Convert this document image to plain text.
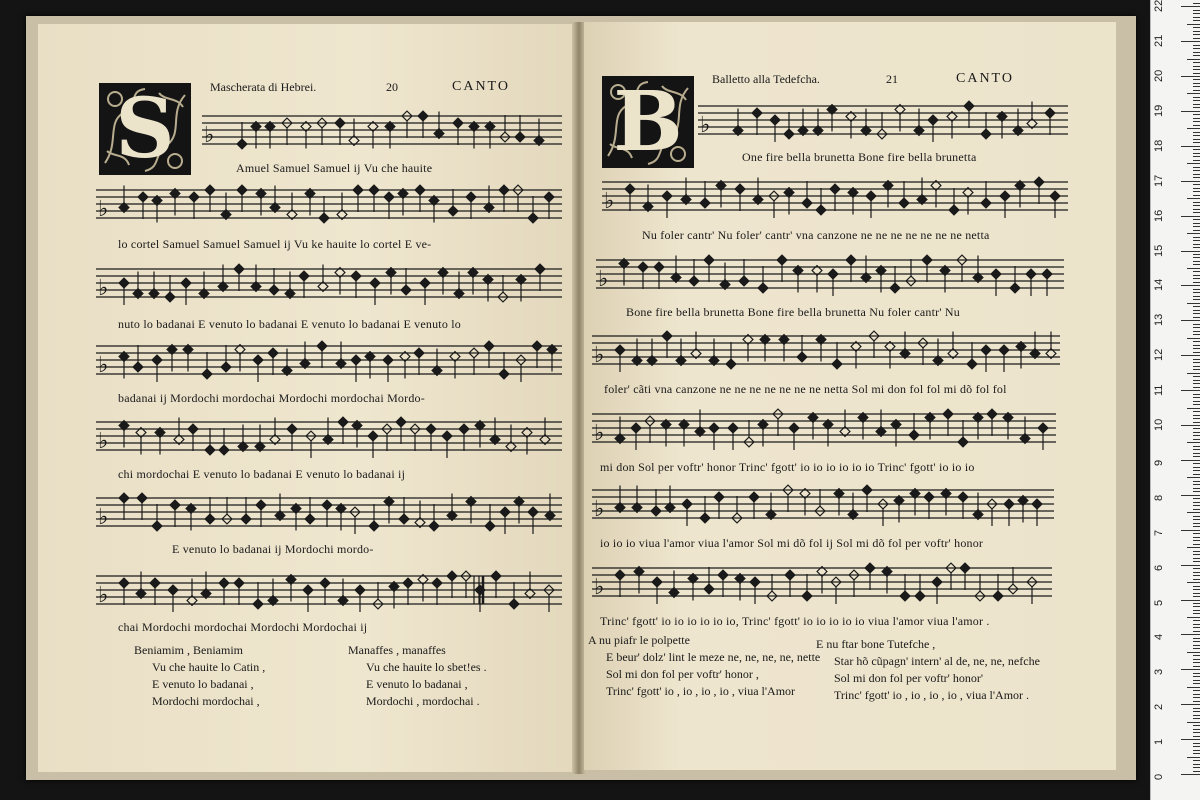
S	Mascherata di Hebrei.	20	CANTO
♭
♭
♭
♭
♭
♭
♭
Amuel Samuel Samuel ij Vu che hauite
lo cortel Samuel Samuel Samuel ij Vu ke hauite lo cortel E ve-
nuto lo badanai E venuto lo badanai E venuto lo badanai E venuto lo
badanai ij Mordochi mordochai Mordochi mordochai Mordo-
chi mordochai E venuto lo badanai E venuto lo badanai ij
E venuto lo badanai ij Mordochi mordo-
chai Mordochi mordochai Mordochi Mordochai ij
Beniamim , Beniamim
Vu che hauite lo Catin ,
E venuto lo badanai ,
Mordochi mordochai ,
Manaffes , manaffes
Vu che hauite lo sbet!es .
E venuto lo badanai ,
Mordochi , mordochai .
B Balletto alla Tedefcha.	21	CANTO
♭
♭
♭
♭
♭
♭
♭
One fire bella brunetta Bone fire bella brunetta
Nu foler cantr' Nu foler' cantr' vna canzone ne ne ne ne ne ne ne netta
Bone fire bella brunetta Bone fire bella brunetta Nu foler cantr' Nu
foler' cãti vna canzone ne ne ne ne ne ne ne netta Sol mi don fol fol mi dõ fol fol
mi don Sol per voftr' honor Trinc' fgott' io io io io io io Trinc' fgott' io io io
io io io viua l'amor viua l'amor Sol mi dõ fol ij Sol mi dõ fol per voftr' honor
Trinc' fgott' io io io io io io, Trinc' fgott' io io io io io viua l'amor viua l'amor .
A nu piafr le polpette
E beur' dolz' lint le meze ne, ne, ne, ne, nette
Sol mi don fol per voftr' honor ,
Trinc' fgott' io , io , io , io , viua l'Amor
E nu ftar bone Tutefche ,
Star hõ cũpagn' intern' al de, ne, ne, nefche
Sol mi don fol per voftr' honor'
Trinc' fgott' io , io , io , io , viua l'Amor .
0
1
2
3
4
5
6
7
8
9
10
11
12
13
14
15
16
17
18
19
20
21
22
